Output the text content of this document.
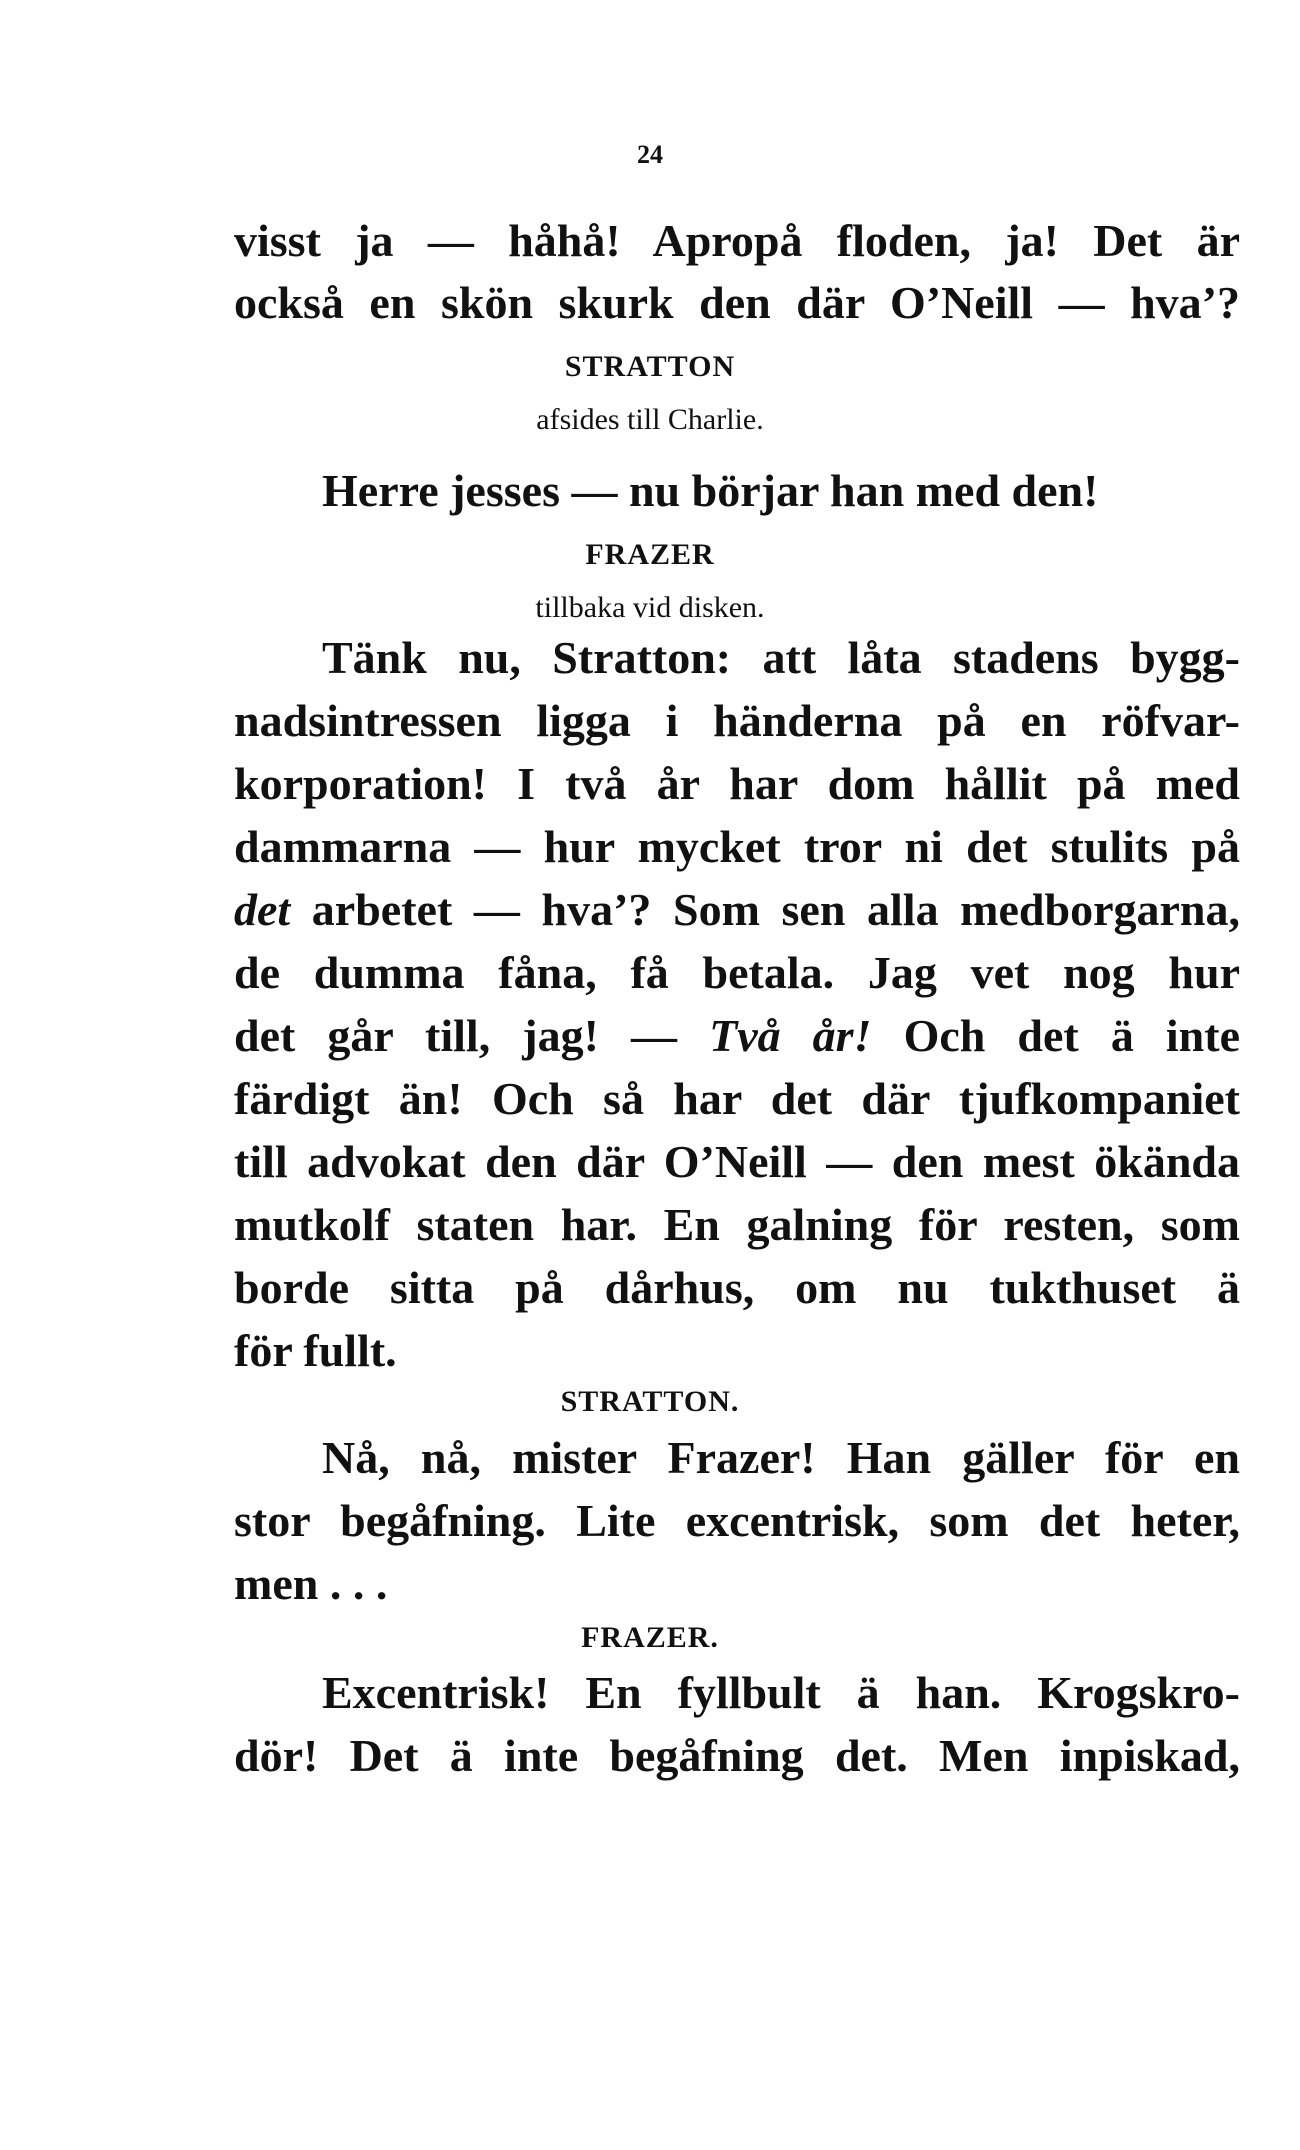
24
visst ja — håhå! Apropå floden, ja! Det är
också en skön skurk den där O’Neill — hva’?
STRATTON
afsides till Charlie.
Herre jesses — nu börjar han med den!
FRAZER
tillbaka vid disken.
Tänk nu, Stratton: att låta stadens bygg-
nadsintressen ligga i händerna på en röfvar-
korporation! I två år har dom hållit på med
dammarna — hur mycket tror ni det stulits på
det arbetet — hva’? Som sen alla medborgarna,
de dumma fåna, få betala. Jag vet nog hur
det går till, jag! — Två år! Och det ä inte
färdigt än! Och så har det där tjufkompaniet
till advokat den där O’Neill — den mest ökända
mutkolf staten har. En galning för resten, som
borde sitta på dårhus, om nu tukthuset ä
för fullt.
STRATTON.
Nå, nå, mister Frazer! Han gäller för en
stor begåfning. Lite excentrisk, som det heter,
men . . .
FRAZER.
Excentrisk! En fyllbult ä han. Krogskro-
dör! Det ä inte begåfning det. Men inpiskad,
